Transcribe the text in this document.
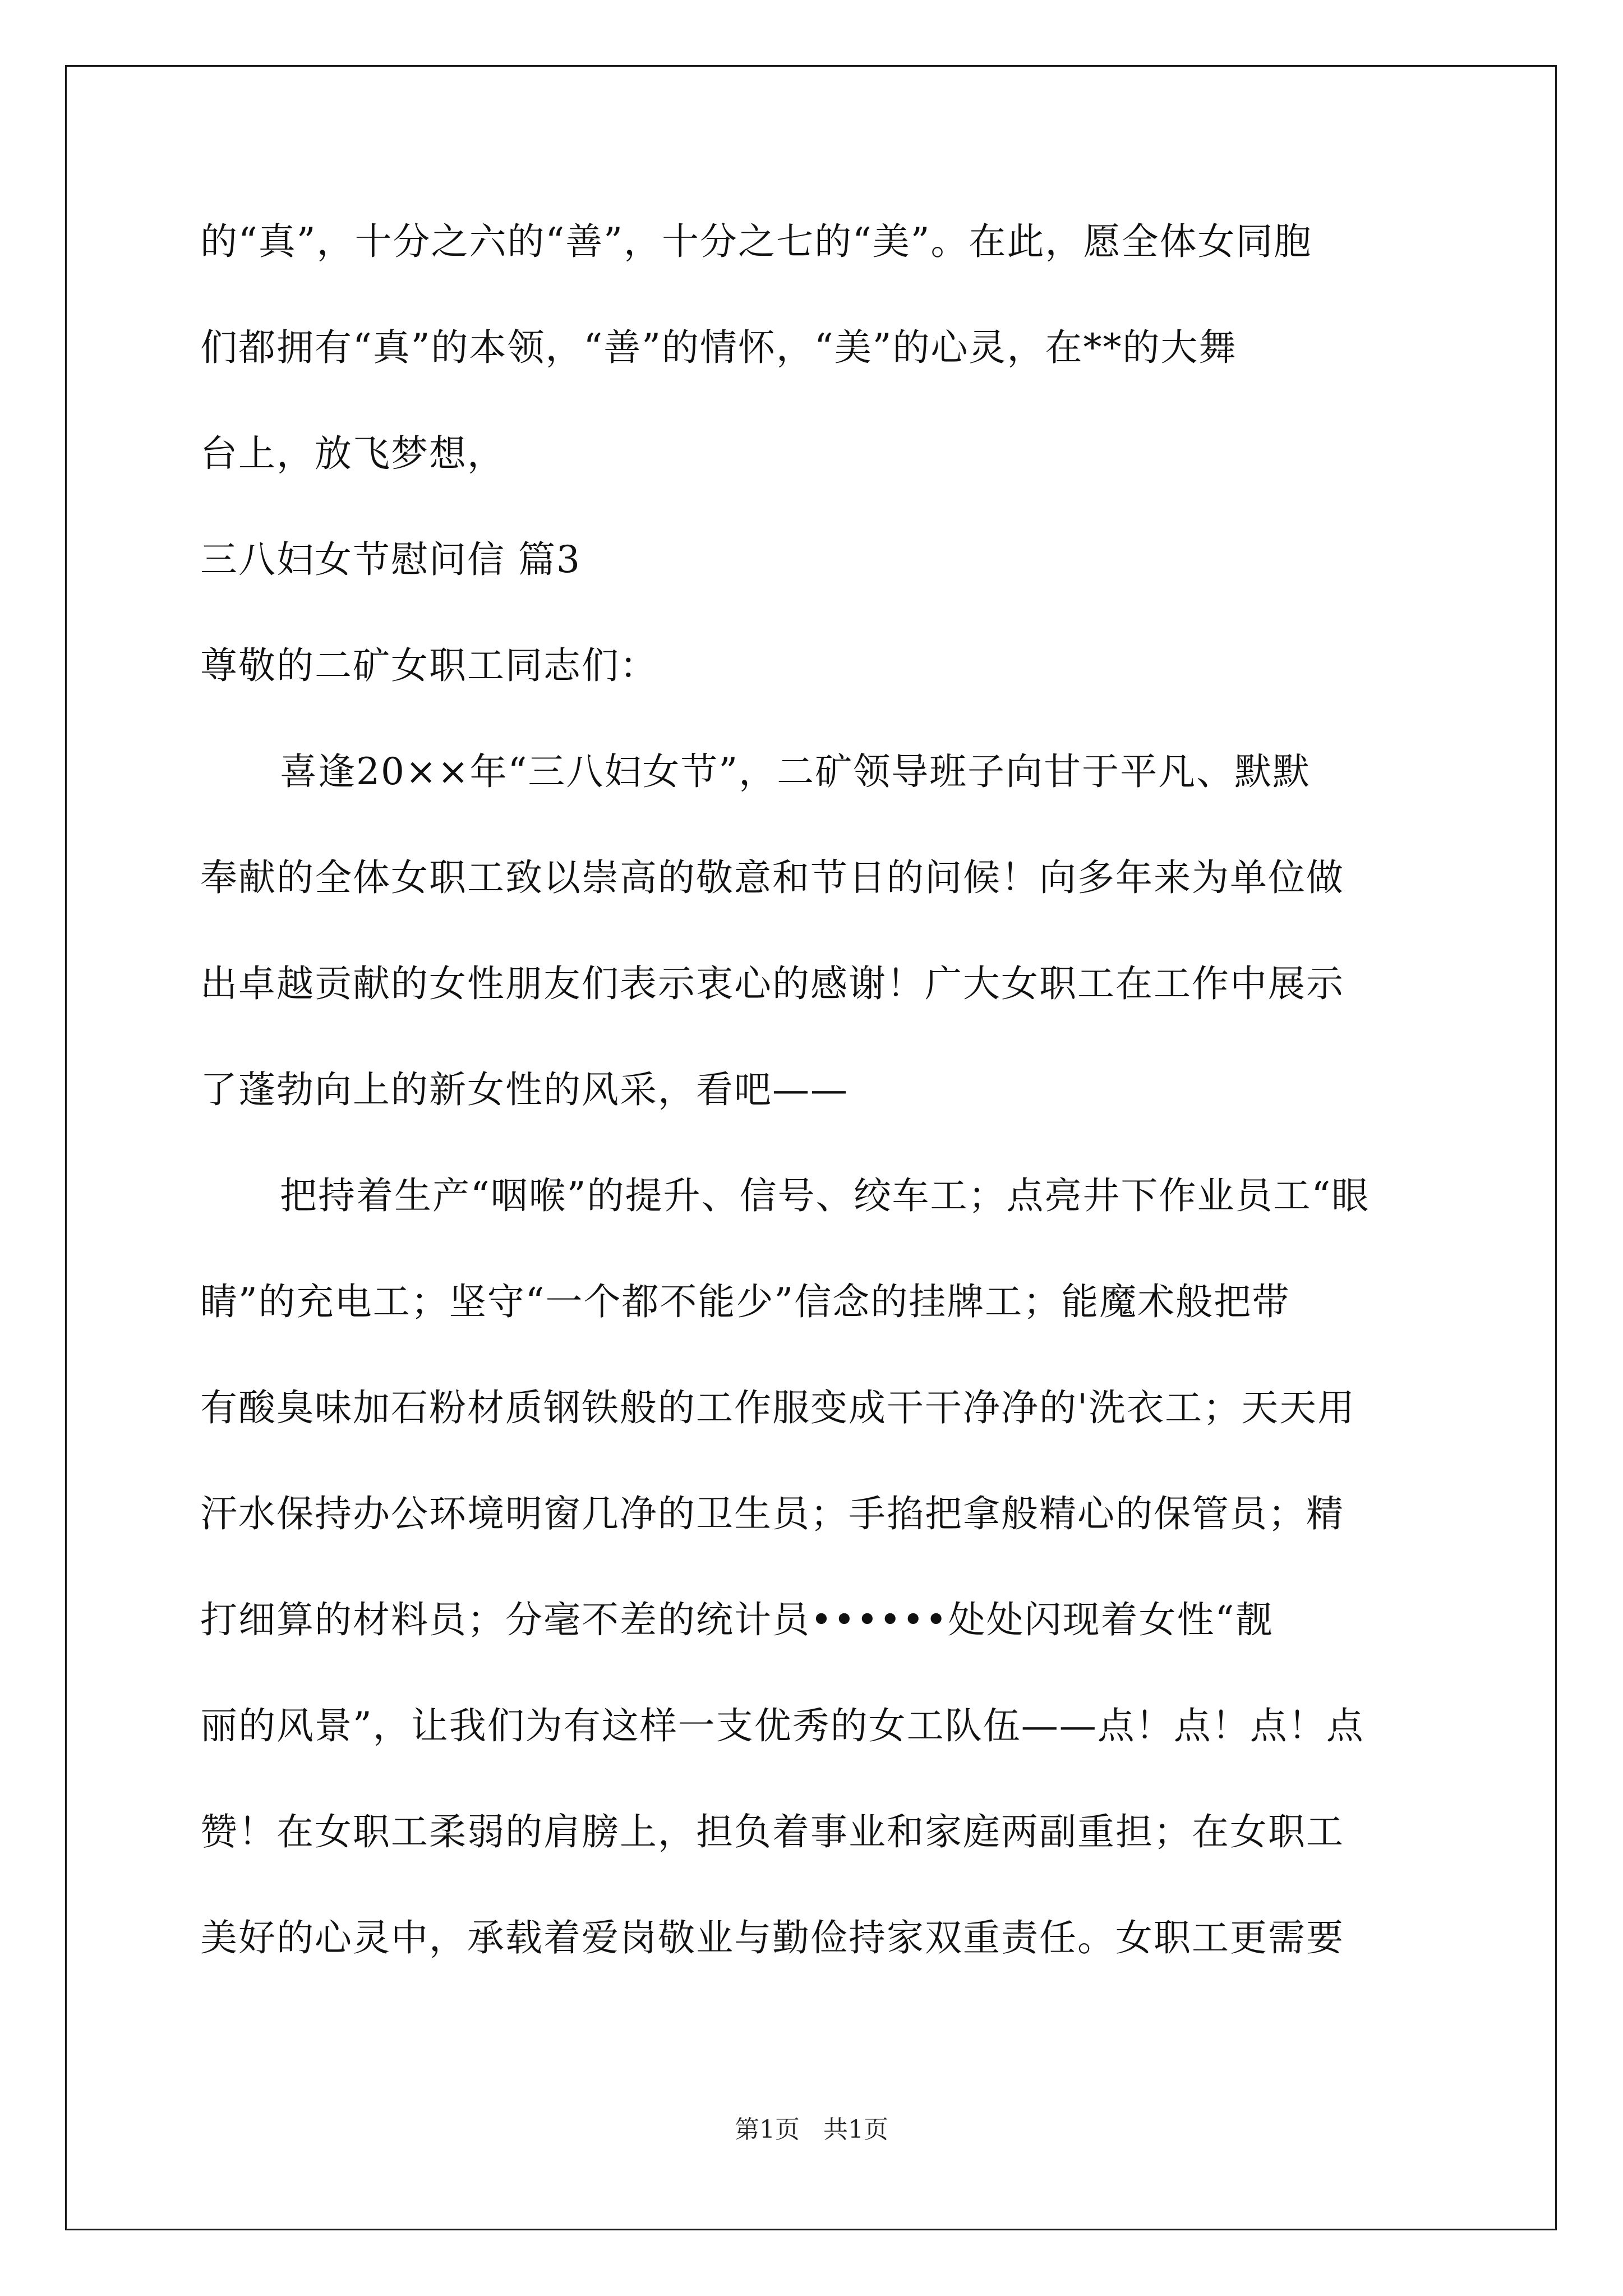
的“真”，十分之六的“善”，十分之七的“美”。在此，愿全体女同胞
们都拥有“真”的本领，“善”的情怀，“美”的心灵，在**的大舞
台上，放飞梦想，
三八妇女节慰问信 篇3
尊敬的二矿女职工同志们：
喜逢20××年“三八妇女节”，二矿领导班子向甘于平凡、默默
奉献的全体女职工致以崇高的敬意和节日的问候！向多年来为单位做
出卓越贡献的女性朋友们表示衷心的感谢！广大女职工在工作中展示
了蓬勃向上的新女性的风采，看吧——
把持着生产“咽喉”的提升、信号、绞车工；点亮井下作业员工“眼
睛”的充电工；坚守“一个都不能少”信念的挂牌工；能魔术般把带
有酸臭味加石粉材质钢铁般的工作服变成干干净净的'洗衣工；天天用
汗水保持办公环境明窗几净的卫生员；手掐把拿般精心的保管员；精
打细算的材料员；分毫不差的统计员••••••处处闪现着女性“靓
丽的风景”，让我们为有这样一支优秀的女工队伍——点！点！点！点
赞！在女职工柔弱的肩膀上，担负着事业和家庭两副重担；在女职工
美好的心灵中，承载着爱岗敬业与勤俭持家双重责任。女职工更需要
第1页 共1页
